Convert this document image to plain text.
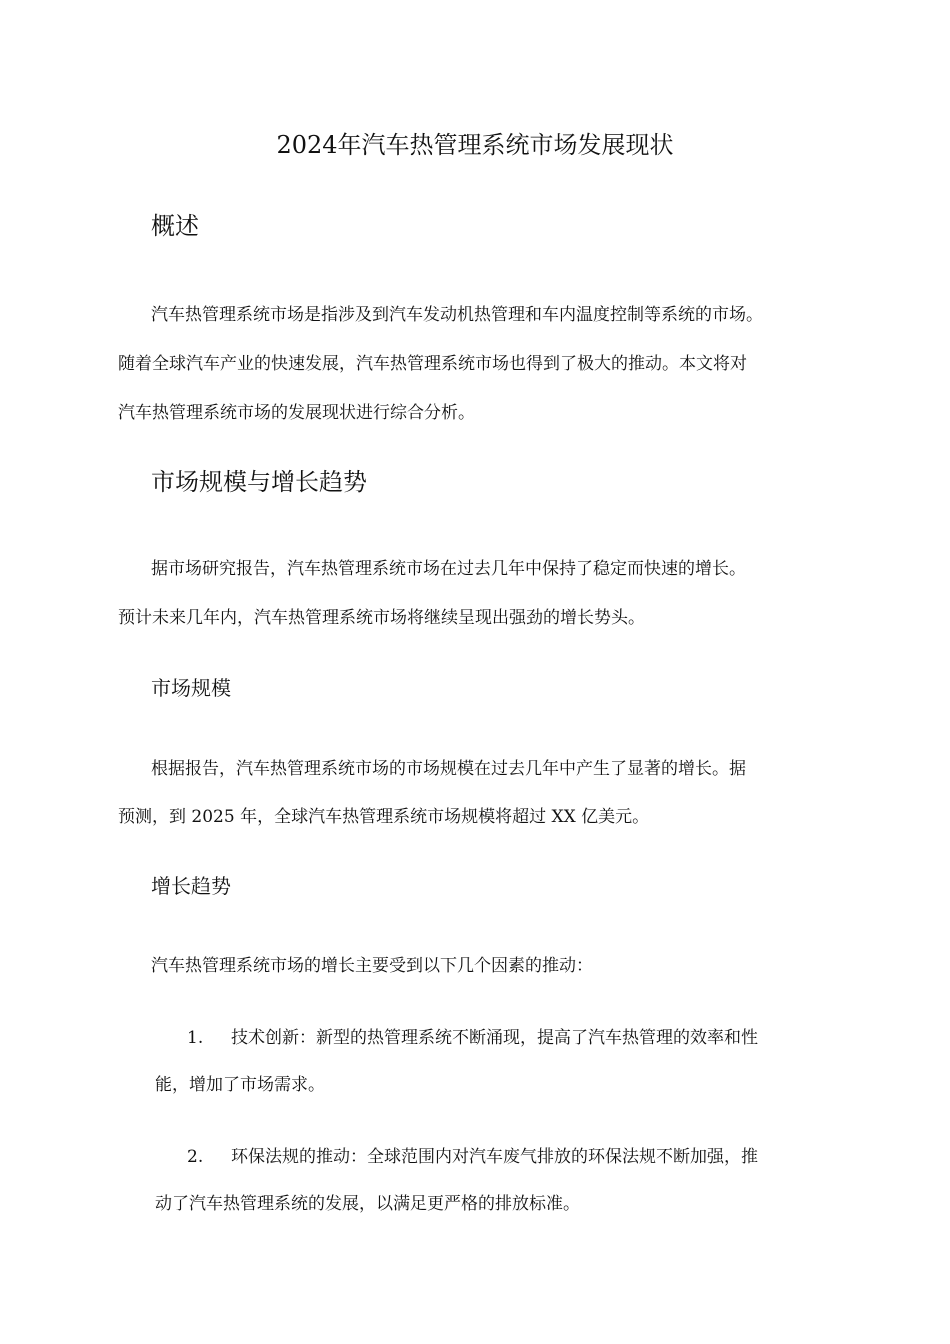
2024年汽车热管理系统市场发展现状
概述
汽车热管理系统市场是指涉及到汽车发动机热管理和车内温度控制等系统的市场。
随着全球汽车产业的快速发展，汽车热管理系统市场也得到了极大的推动。本文将对
汽车热管理系统市场的发展现状进行综合分析。
市场规模与增长趋势
据市场研究报告，汽车热管理系统市场在过去几年中保持了稳定而快速的增长。
预计未来几年内，汽车热管理系统市场将继续呈现出强劲的增长势头。
市场规模
根据报告，汽车热管理系统市场的市场规模在过去几年中产生了显著的增长。据
预测，到 2025 年，全球汽车热管理系统市场规模将超过 XX 亿美元。
增长趋势
汽车热管理系统市场的增长主要受到以下几个因素的推动：
1. 技术创新：新型的热管理系统不断涌现，提高了汽车热管理的效率和性
能，增加了市场需求。
2. 环保法规的推动：全球范围内对汽车废气排放的环保法规不断加强，推
动了汽车热管理系统的发展，以满足更严格的排放标准。
